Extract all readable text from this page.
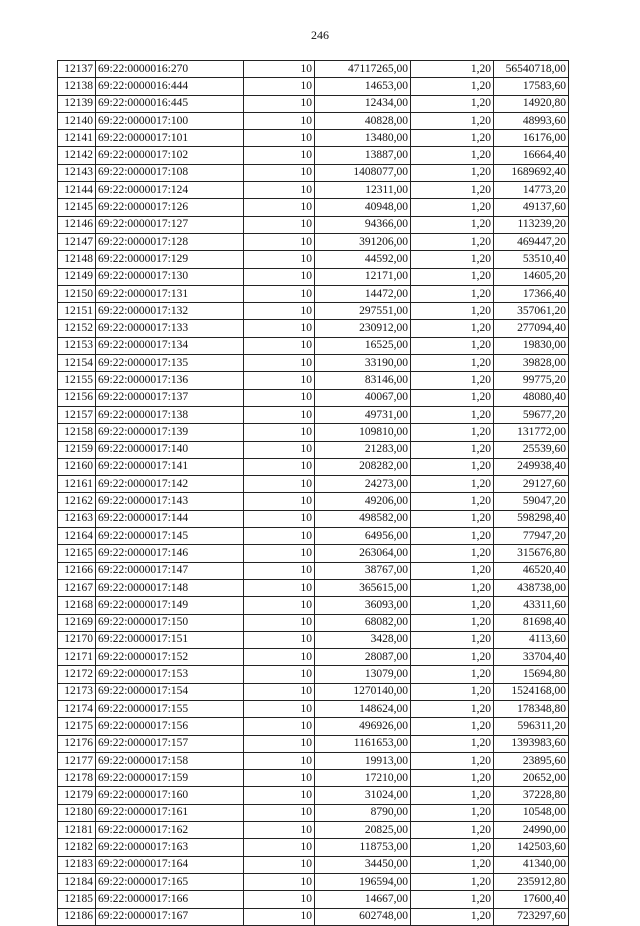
246
12137	69:22:0000016:270	10	47117265,00	1,20	56540718,00
12138	69:22:0000016:444	10	14653,00	1,20	17583,60
12139	69:22:0000016:445	10	12434,00	1,20	14920,80
12140	69:22:0000017:100	10	40828,00	1,20	48993,60
12141	69:22:0000017:101	10	13480,00	1,20	16176,00
12142	69:22:0000017:102	10	13887,00	1,20	16664,40
12143	69:22:0000017:108	10	1408077,00	1,20	1689692,40
12144	69:22:0000017:124	10	12311,00	1,20	14773,20
12145	69:22:0000017:126	10	40948,00	1,20	49137,60
12146	69:22:0000017:127	10	94366,00	1,20	113239,20
12147	69:22:0000017:128	10	391206,00	1,20	469447,20
12148	69:22:0000017:129	10	44592,00	1,20	53510,40
12149	69:22:0000017:130	10	12171,00	1,20	14605,20
12150	69:22:0000017:131	10	14472,00	1,20	17366,40
12151	69:22:0000017:132	10	297551,00	1,20	357061,20
12152	69:22:0000017:133	10	230912,00	1,20	277094,40
12153	69:22:0000017:134	10	16525,00	1,20	19830,00
12154	69:22:0000017:135	10	33190,00	1,20	39828,00
12155	69:22:0000017:136	10	83146,00	1,20	99775,20
12156	69:22:0000017:137	10	40067,00	1,20	48080,40
12157	69:22:0000017:138	10	49731,00	1,20	59677,20
12158	69:22:0000017:139	10	109810,00	1,20	131772,00
12159	69:22:0000017:140	10	21283,00	1,20	25539,60
12160	69:22:0000017:141	10	208282,00	1,20	249938,40
12161	69:22:0000017:142	10	24273,00	1,20	29127,60
12162	69:22:0000017:143	10	49206,00	1,20	59047,20
12163	69:22:0000017:144	10	498582,00	1,20	598298,40
12164	69:22:0000017:145	10	64956,00	1,20	77947,20
12165	69:22:0000017:146	10	263064,00	1,20	315676,80
12166	69:22:0000017:147	10	38767,00	1,20	46520,40
12167	69:22:0000017:148	10	365615,00	1,20	438738,00
12168	69:22:0000017:149	10	36093,00	1,20	43311,60
12169	69:22:0000017:150	10	68082,00	1,20	81698,40
12170	69:22:0000017:151	10	3428,00	1,20	4113,60
12171	69:22:0000017:152	10	28087,00	1,20	33704,40
12172	69:22:0000017:153	10	13079,00	1,20	15694,80
12173	69:22:0000017:154	10	1270140,00	1,20	1524168,00
12174	69:22:0000017:155	10	148624,00	1,20	178348,80
12175	69:22:0000017:156	10	496926,00	1,20	596311,20
12176	69:22:0000017:157	10	1161653,00	1,20	1393983,60
12177	69:22:0000017:158	10	19913,00	1,20	23895,60
12178	69:22:0000017:159	10	17210,00	1,20	20652,00
12179	69:22:0000017:160	10	31024,00	1,20	37228,80
12180	69:22:0000017:161	10	8790,00	1,20	10548,00
12181	69:22:0000017:162	10	20825,00	1,20	24990,00
12182	69:22:0000017:163	10	118753,00	1,20	142503,60
12183	69:22:0000017:164	10	34450,00	1,20	41340,00
12184	69:22:0000017:165	10	196594,00	1,20	235912,80
12185	69:22:0000017:166	10	14667,00	1,20	17600,40
12186	69:22:0000017:167	10	602748,00	1,20	723297,60
